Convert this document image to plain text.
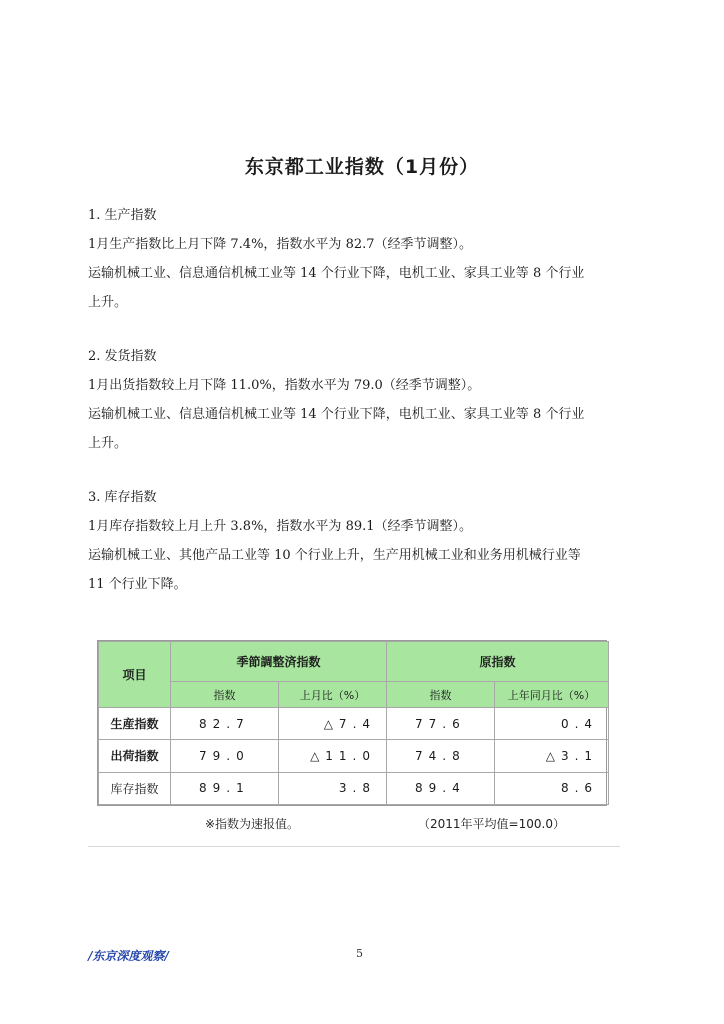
东京都工业指数（1月份）
1. 生产指数
1月生产指数比上月下降 7.4%，指数水平为 82.7（经季节调整）。
运输机械工业、信息通信机械工业等 14 个行业下降，电机工业、家具工业等 8 个行业
上升。
2. 发货指数
1月出货指数较上月下降 11.0%，指数水平为 79.0（经季节调整）。
运输机械工业、信息通信机械工业等 14 个行业下降，电机工业、家具工业等 8 个行业
上升。
3. 库存指数
1月库存指数较上月上升 3.8%，指数水平为 89.1（经季节调整）。
运输机械工业、其他产品工业等 10 个行业上升，生产用机械工业和业务用机械行业等
11 个行业下降。
项目	季節調整済指数		原指数	
	指数	上月比（%）	指数	上年同月比（%）
生産指数	82.7	△7.4	77.6	0.4
出荷指数	79.0	△11.0	74.8	△3.1
库存指数	89.1	3.8	89.4	8.6
※指数为速报值。	（2011年平均值=100.0）
/东京深度观察/	5
